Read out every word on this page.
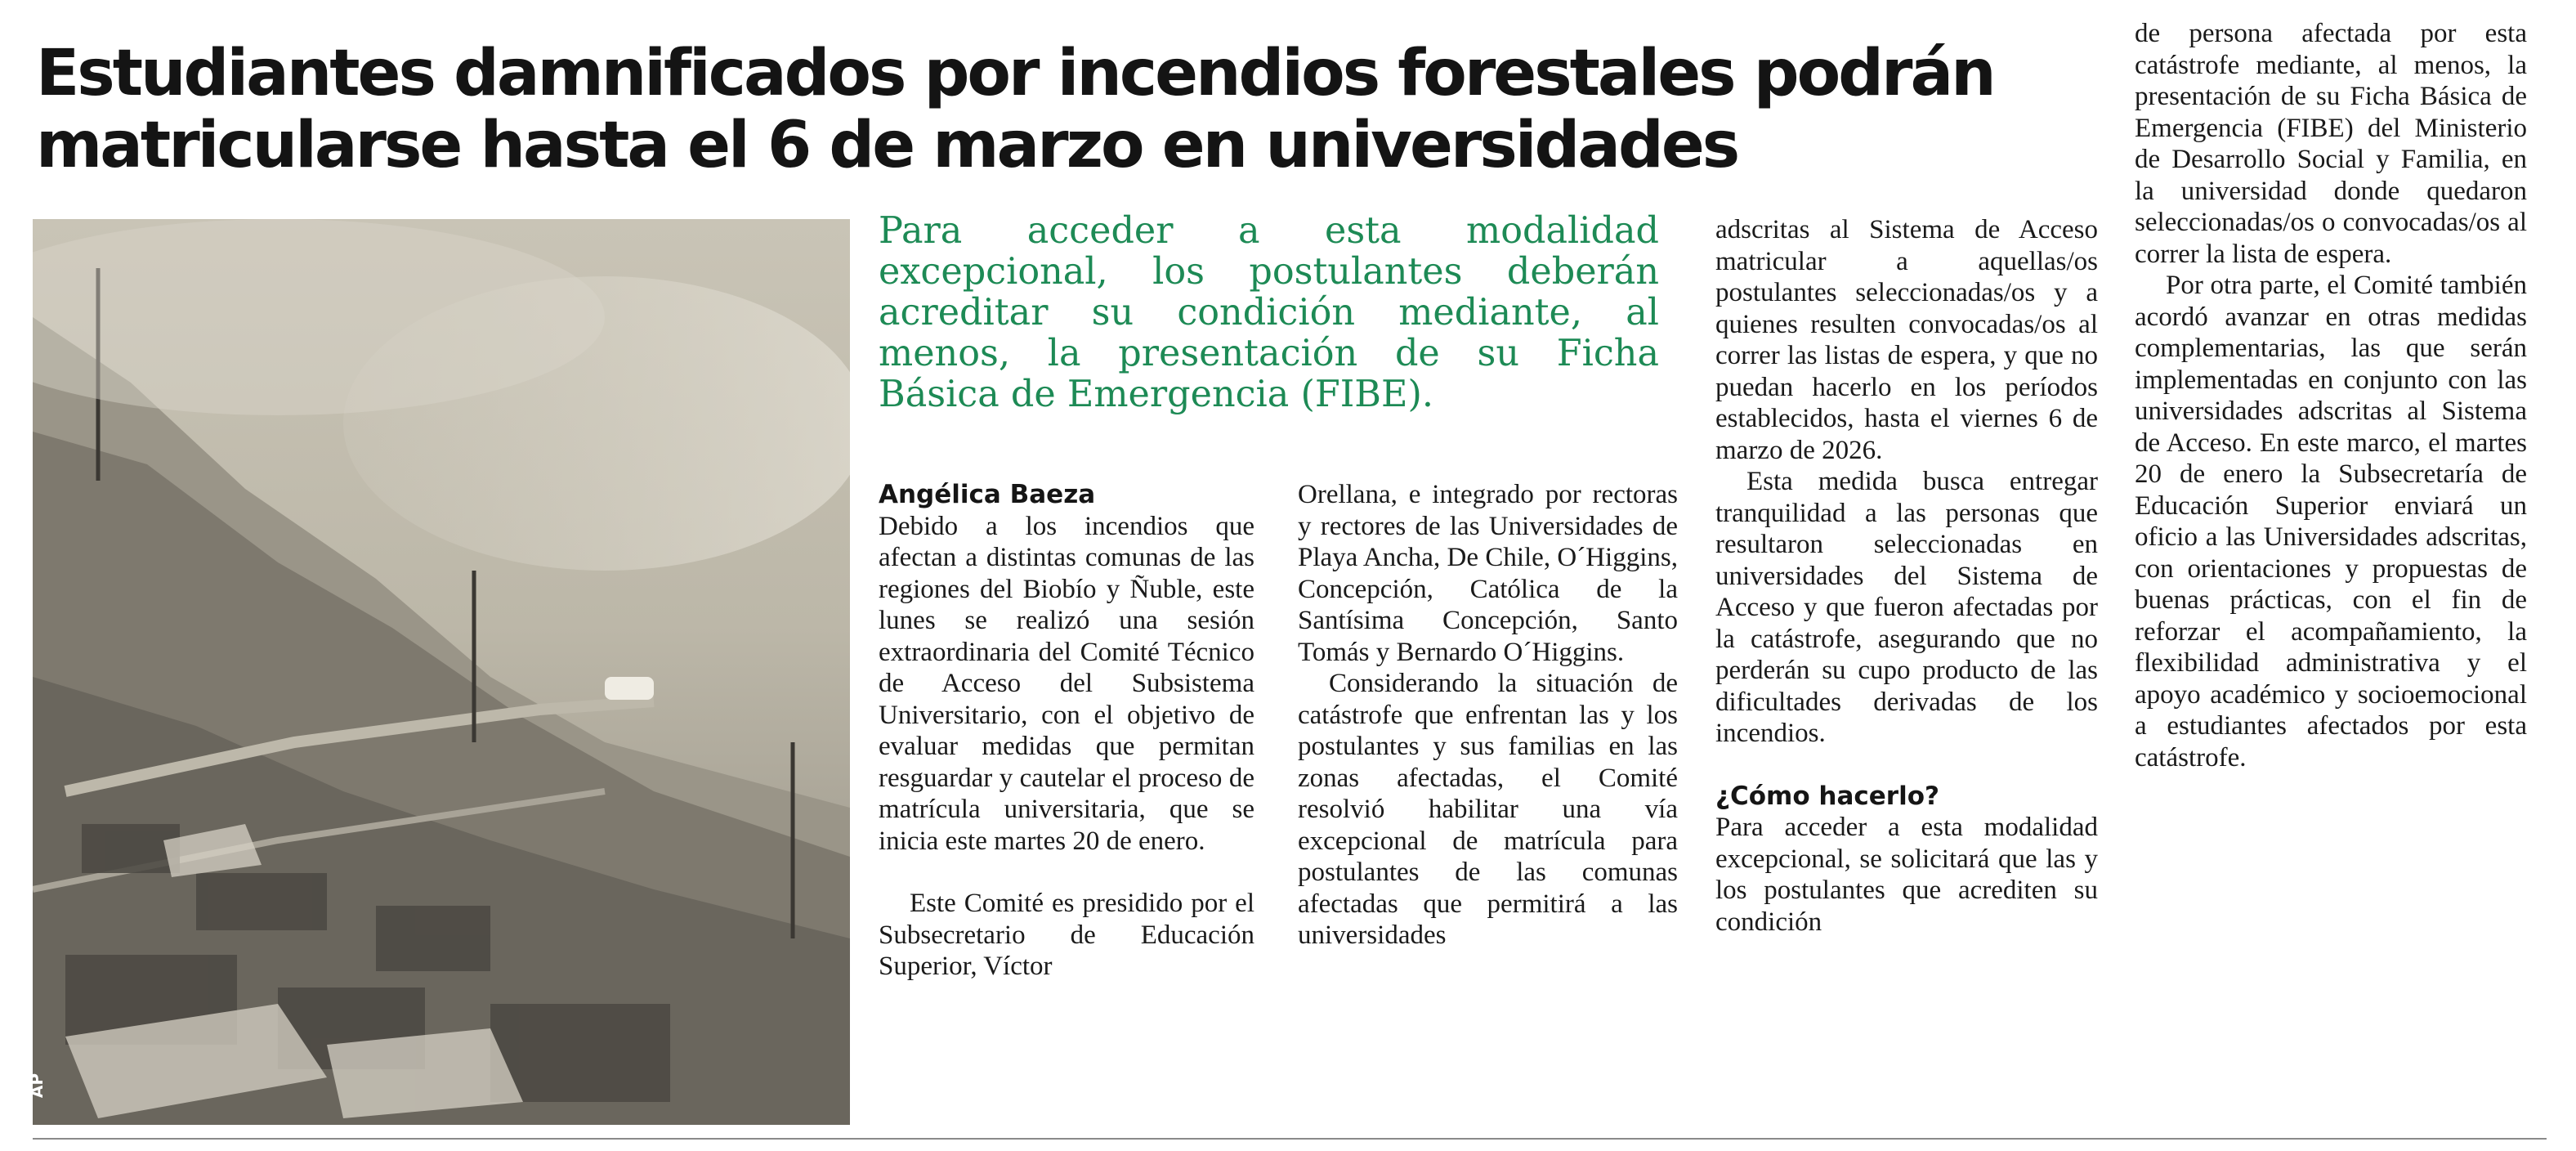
Estudiantes damnificados por incendios forestales podrán
matricularse hasta el 6 de marzo en universidades
AP

Para acceder a esta modalidad excepcional, los postulantes deberán acreditar su condición mediante, al menos, la presentación de su Ficha Básica de Emergencia (FIBE).

Angélica Baeza

Debido a los incendios que afectan a distintas comunas de las regiones del Biobío y Ñuble, este lunes se realizó una sesión extraordinaria del Comité Técnico de Acceso del Subsistema Universitario, con el objetivo de evaluar medidas que permitan resguardar y cautelar el proceso de matrícula universitaria, que se inicia este martes 20 de enero.

Este Comité es presidido por el Subsecretario de Educación Superior, Víctor

Orellana, e integrado por rectoras y rectores de las Universidades de Playa Ancha, De Chile, O´Higgins, Concepción, Católica de la Santísima Concepción, Santo Tomás y Bernardo O´Higgins.

Considerando la situación de catástrofe que enfrentan las y los postulantes y sus familias en las zonas afectadas, el Comité resolvió habilitar una vía excepcional de matrícula para postulantes de las comunas afectadas que permitirá a las universidades

adscritas al Sistema de Acceso matricular a aquellas/os postulantes seleccionadas/os y a quienes resulten convocadas/os al correr las listas de espera, y que no puedan hacerlo en los períodos establecidos, hasta el viernes 6 de marzo de 2026.

Esta medida busca entregar tranquilidad a las personas que resultaron seleccionadas en universidades del Sistema de Acceso y que fueron afectadas por la catástrofe, asegurando que no perderán su cupo producto de las dificultades derivadas de los incendios.

¿Cómo hacerlo?

Para acceder a esta modalidad excepcional, se solicitará que las y los postulantes que acrediten su condición

de persona afectada por esta catástrofe mediante, al menos, la presentación de su Ficha Básica de Emergencia (FIBE) del Ministerio de Desarrollo Social y Familia, en la universidad donde quedaron seleccionadas/os o convocadas/os al correr la lista de espera.

Por otra parte, el Comité también acordó avanzar en otras medidas complementarias, las que serán implementadas en conjunto con las universidades adscritas al Sistema de Acceso. En este marco, el martes 20 de enero la Subsecretaría de Educación Superior enviará un oficio a las Universidades adscritas, con orientaciones y propuestas de buenas prácticas, con el fin de reforzar el acompañamiento, la flexibilidad administrativa y el apoyo académico y socioemocional a estudiantes afectados por esta catástrofe.
